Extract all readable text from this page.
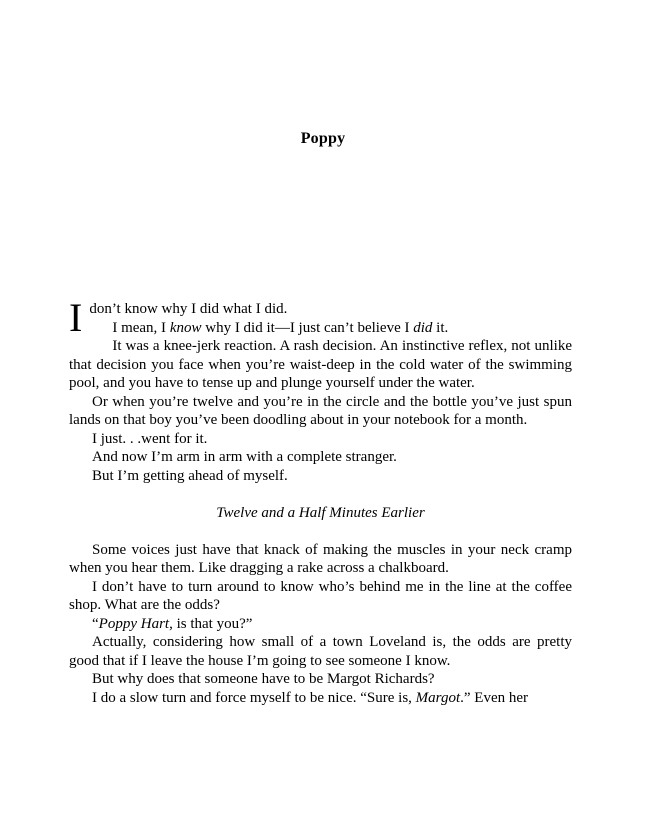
Poppy

Idon’t know why I did what I did.

I mean, I know why I did it—I just can’t believe I did it.

It was a knee-jerk reaction. A rash decision. An instinctive reflex, not unlike that decision you face when you’re waist-deep in the cold water of the swimming pool, and you have to tense up and plunge yourself under the water.

Or when you’re twelve and you’re in the circle and the bottle you’ve just spun lands on that boy you’ve been doodling about in your notebook for a month.

I just. . .went for it.

And now I’m arm in arm with a complete stranger.

But I’m getting ahead of myself.

Twelve and a Half Minutes Earlier

Some voices just have that knack of making the muscles in your neck cramp when you hear them. Like dragging a rake across a chalkboard.

I don’t have to turn around to know who’s behind me in the line at the coffee shop. What are the odds?

“Poppy Hart, is that you?”

Actually, considering how small of a town Loveland is, the odds are pretty good that if I leave the house I’m going to see someone I know.

But why does that someone have to be Margot Richards?

I do a slow turn and force myself to be nice. “Sure is, Margot.” Even her
